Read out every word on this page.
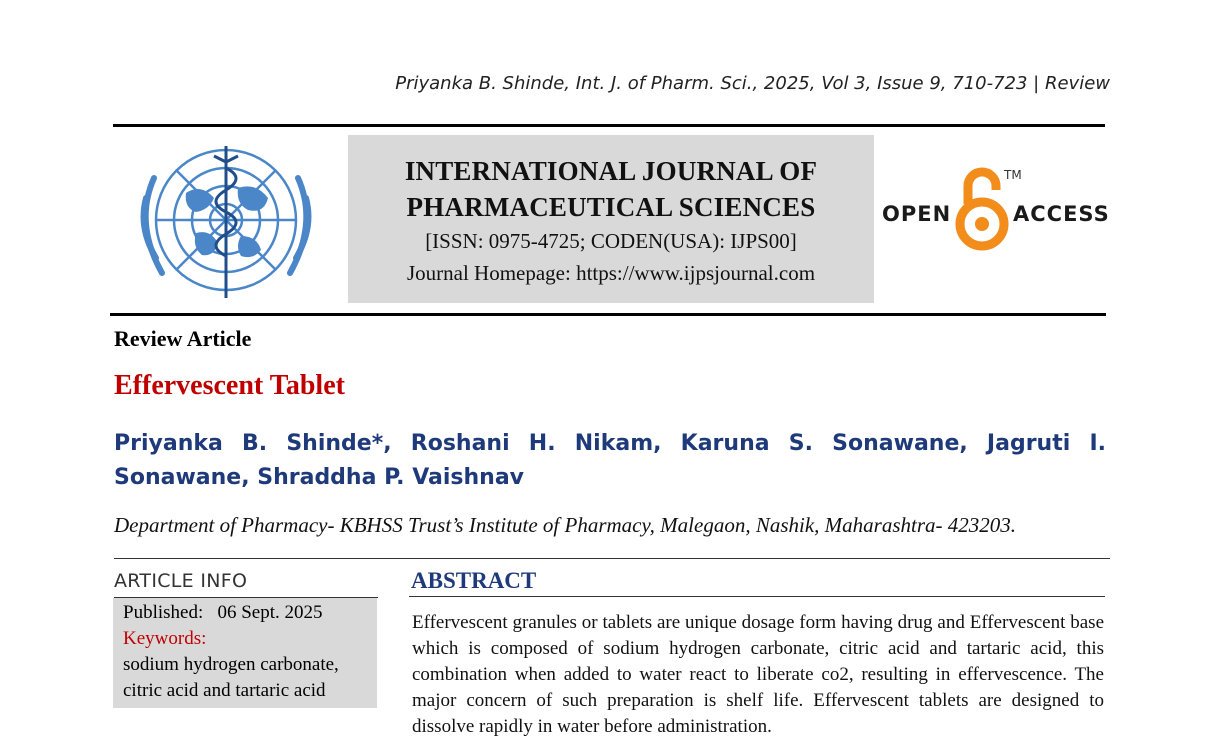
Priyanka B. Shinde, Int. J. of Pharm. Sci., 2025, Vol 3, Issue 9, 710-723 | Review
INTERNATIONAL JOURNAL OF
PHARMACEUTICAL SCIENCES
[ISSN: 0975-4725; CODEN(USA): IJPS00]
Journal Homepage: https://www.ijpsjournal.com
OPEN
TM
ACCESS
Review Article
Effervescent Tablet
Priyanka B. Shinde*, Roshani H. Nikam, Karuna S. Sonawane, Jagruti I. Sonawane, Shraddha P. Vaishnav
Department of Pharmacy- KBHSS Trust’s Institute of Pharmacy, Malegaon, Nashik, Maharashtra- 423203.
ARTICLE INFO
Published:   06 Sept. 2025
Keywords:
sodium hydrogen carbonate,
citric acid and tartaric acid
ABSTRACT
Effervescent granules or tablets are unique dosage form having drug and Effervescent base which is composed of sodium hydrogen carbonate, citric acid and tartaric acid, this combination when added to water react to liberate co2, resulting in effervescence. The major concern of such preparation is shelf life. Effervescent tablets are designed to dissolve rapidly in water before administration.
